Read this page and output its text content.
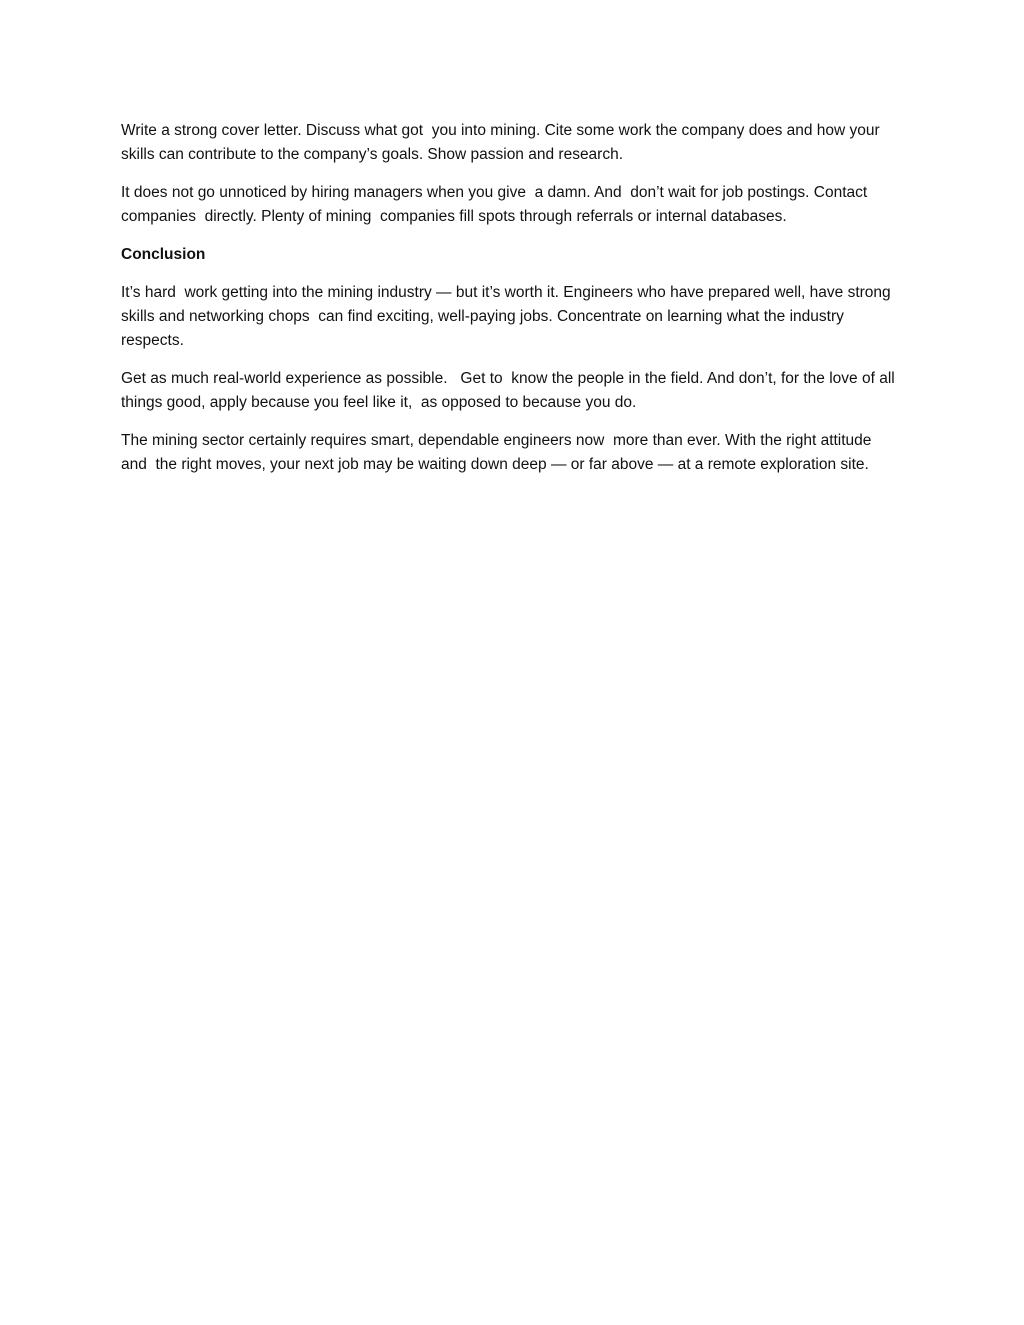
Write a strong cover letter. Discuss what got  you into mining. Cite some work the company does and how your skills can contribute to the company’s goals. Show passion and research.

It does not go unnoticed by hiring managers when you give  a damn. And  don’t wait for job postings. Contact companies  directly. Plenty of mining  companies fill spots through referrals or internal databases.

Conclusion

It’s hard  work getting into the mining industry — but it’s worth it. Engineers who have prepared well, have strong skills and networking chops  can find exciting, well-paying jobs. Concentrate on learning what the industry  respects.

Get as much real-world experience as possible.   Get to  know the people in the field. And don’t, for the love of all things good, apply because you feel like it,  as opposed to because you do.

The mining sector certainly requires smart, dependable engineers now  more than ever. With the right attitude and  the right moves, your next job may be waiting down deep — or far above — at a remote exploration site.
